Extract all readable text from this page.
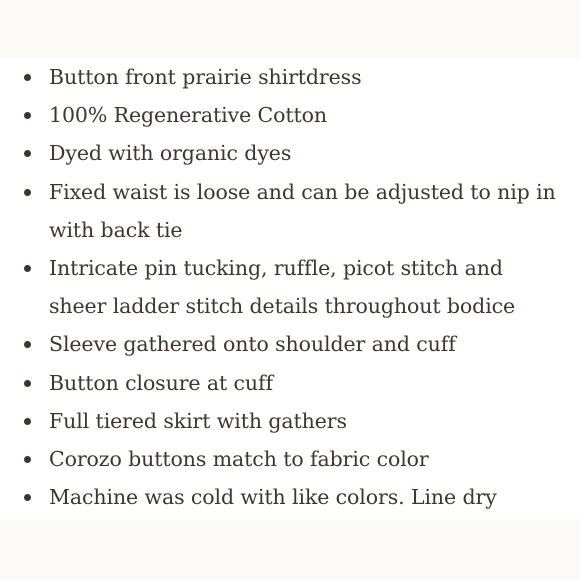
Button front prairie shirtdress
100% Regenerative Cotton
Dyed with organic dyes
Fixed waist is loose and can be adjusted to nip in with back tie
Intricate pin tucking, ruffle, picot stitch and sheer ladder stitch details throughout bodice
Sleeve gathered onto shoulder and cuff
Button closure at cuff
Full tiered skirt with gathers
Corozo buttons match to fabric color
Machine was cold with like colors. Line dry
